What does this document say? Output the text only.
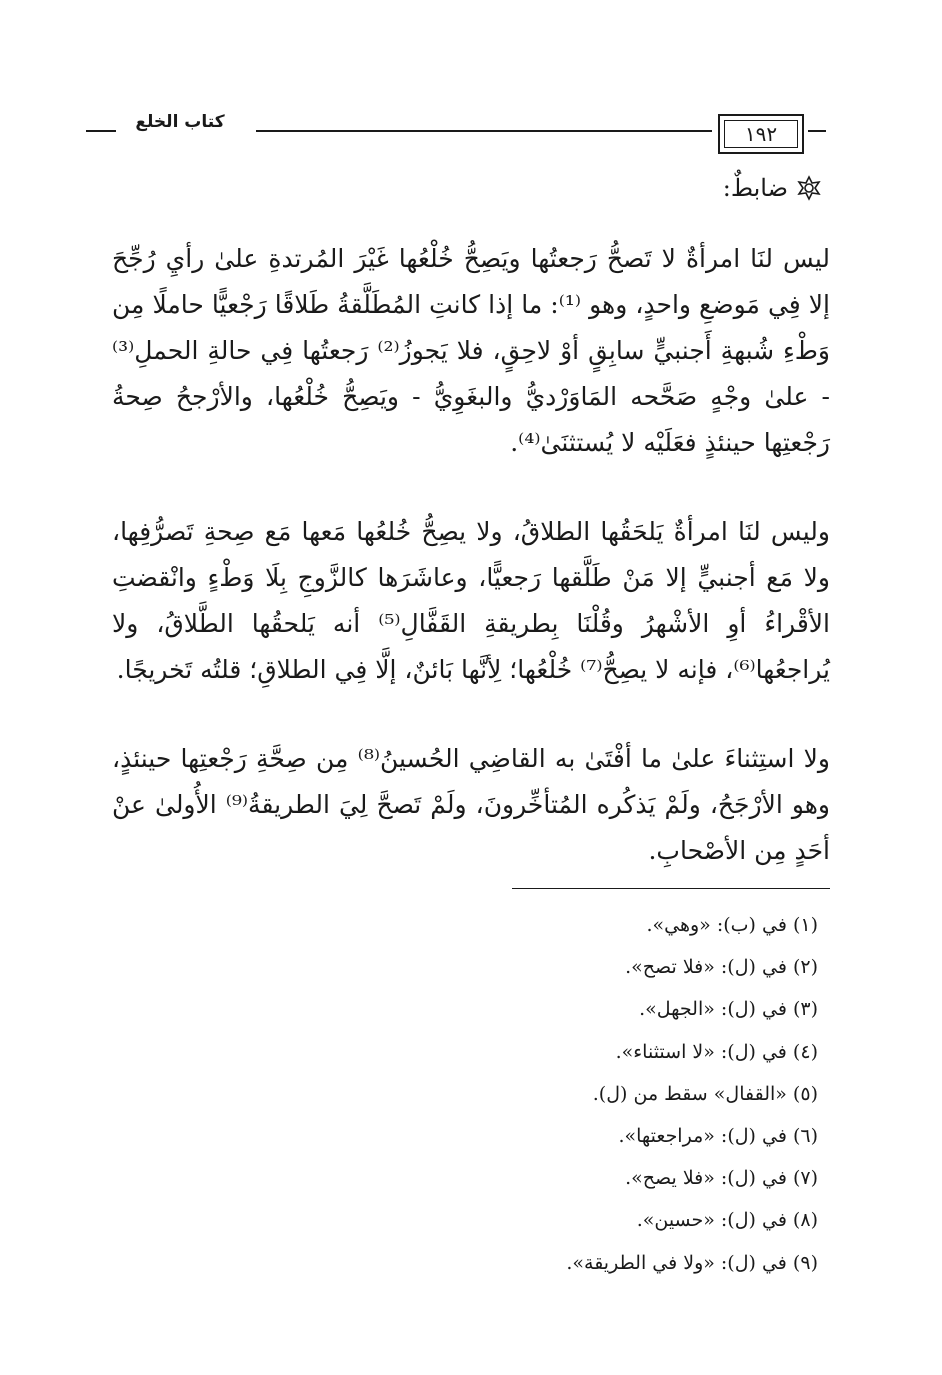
كتاب الخلع	١٩٢
ضابطٌ:

ليس لنَا امرأةٌ لا تَصحُّ رَجعتُها ويَصِحُّ خُلْعُها غَيْرَ المُرتدةِ علىٰ رأيِ رُجِّحَ إلا فِي مَوضعِ واحدٍ، وهو ⁽¹⁾: ما إذا كانتِ المُطَلَّقةُ طَلاقًا رَجْعيًّا حاملًا مِن وَطْءِ شُبهةِ أَجنبيٍّ سابِقٍ أوْ لاحِقٍ، فلا يَجوزُ⁽²⁾ رَجعتُها فِي حالةِ الحملِ⁽³⁾ - علىٰ وجْهٍ صَحَّحه المَاوَرْديُّ والبغَوِيُّ - ويَصِحُّ خُلْعُها، والأرْجحُ صِحةُ رَجْعتِها حينئذٍ فعَلَيْه لا يُستثنَىٰ⁽⁴⁾.

وليس لنَا امرأةٌ يَلحَقُها الطلاقُ، ولا يصِحُّ خُلعُها مَعها مَع صِحةِ تَصرُّفِها، ولا مَع أجنبيٍّ إلا مَنْ طَلَّقها رَجعيًّا، وعاشَرَها كالزَّوجِ بِلَا وَطْءٍ وانْقضتِ الأقْراءُ أوِ الأشْهرُ وقُلْنَا بِطريقةِ القَفَّالِ⁽⁵⁾ أنه يَلحقُها الطَّلاقُ، ولا يُراجعُها⁽⁶⁾، فإنه لا يصِحُّ⁽⁷⁾ خُلْعُها؛ لِأنَّها بَائنٌ، إلَّا فِي الطلاقِ؛ قلتُه تَخريجًا.

ولا استِثناءَ علىٰ ما أفْتَىٰ به القاضِي الحُسينُ⁽⁸⁾ مِن صِحَّةِ رَجْعتِها حينئذٍ، وهو الأرْجَحُ، ولَمْ يَذكُره المُتأخِّرونَ، ولَمْ تَصحَّ لِيَ الطريقةُ⁽⁹⁾ الأُولىٰ عنْ أحَدٍ مِن الأصْحابِ.

(١) في (ب): «وهي».
(٢) في (ل): «فلا تصح».
(٣) في (ل): «الجهل».
(٤) في (ل): «لا استثناء».
(٥) «القفال» سقط من (ل).
(٦) في (ل): «مراجعتها».
(٧) في (ل): «فلا يصح».
(٨) في (ل): «حسين».
(٩) في (ل): «ولا في الطريقة».
